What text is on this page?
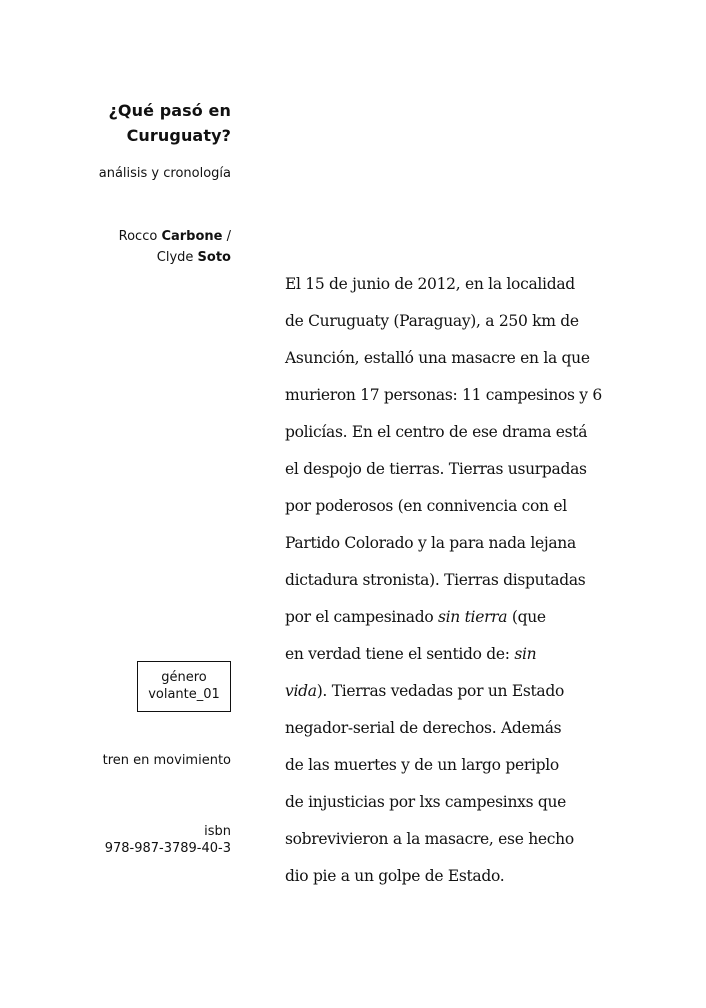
¿Qué pasó en
Curuguaty?
análisis y cronología
Rocco Carbone /
Clyde Soto
género
volante_01
tren en movimiento
isbn
978-987-3789-40-3
El 15 de junio de 2012, en la localidad
de Curuguaty (Paraguay), a 250 km de
Asunción, estalló una masacre en la que
murieron 17 personas: 11 campesinos y 6
policías. En el centro de ese drama está
el despojo de tierras. Tierras usurpadas
por poderosos (en connivencia con el
Partido Colorado y la para nada lejana
dictadura stronista). Tierras disputadas
por el campesinado sin tierra (que
en verdad tiene el sentido de: sin
vida). Tierras vedadas por un Estado
negador-serial de derechos. Además
de las muertes y de un largo periplo
de injusticias por lxs campesinxs que
sobrevivieron a la masacre, ese hecho
dio pie a un golpe de Estado.
